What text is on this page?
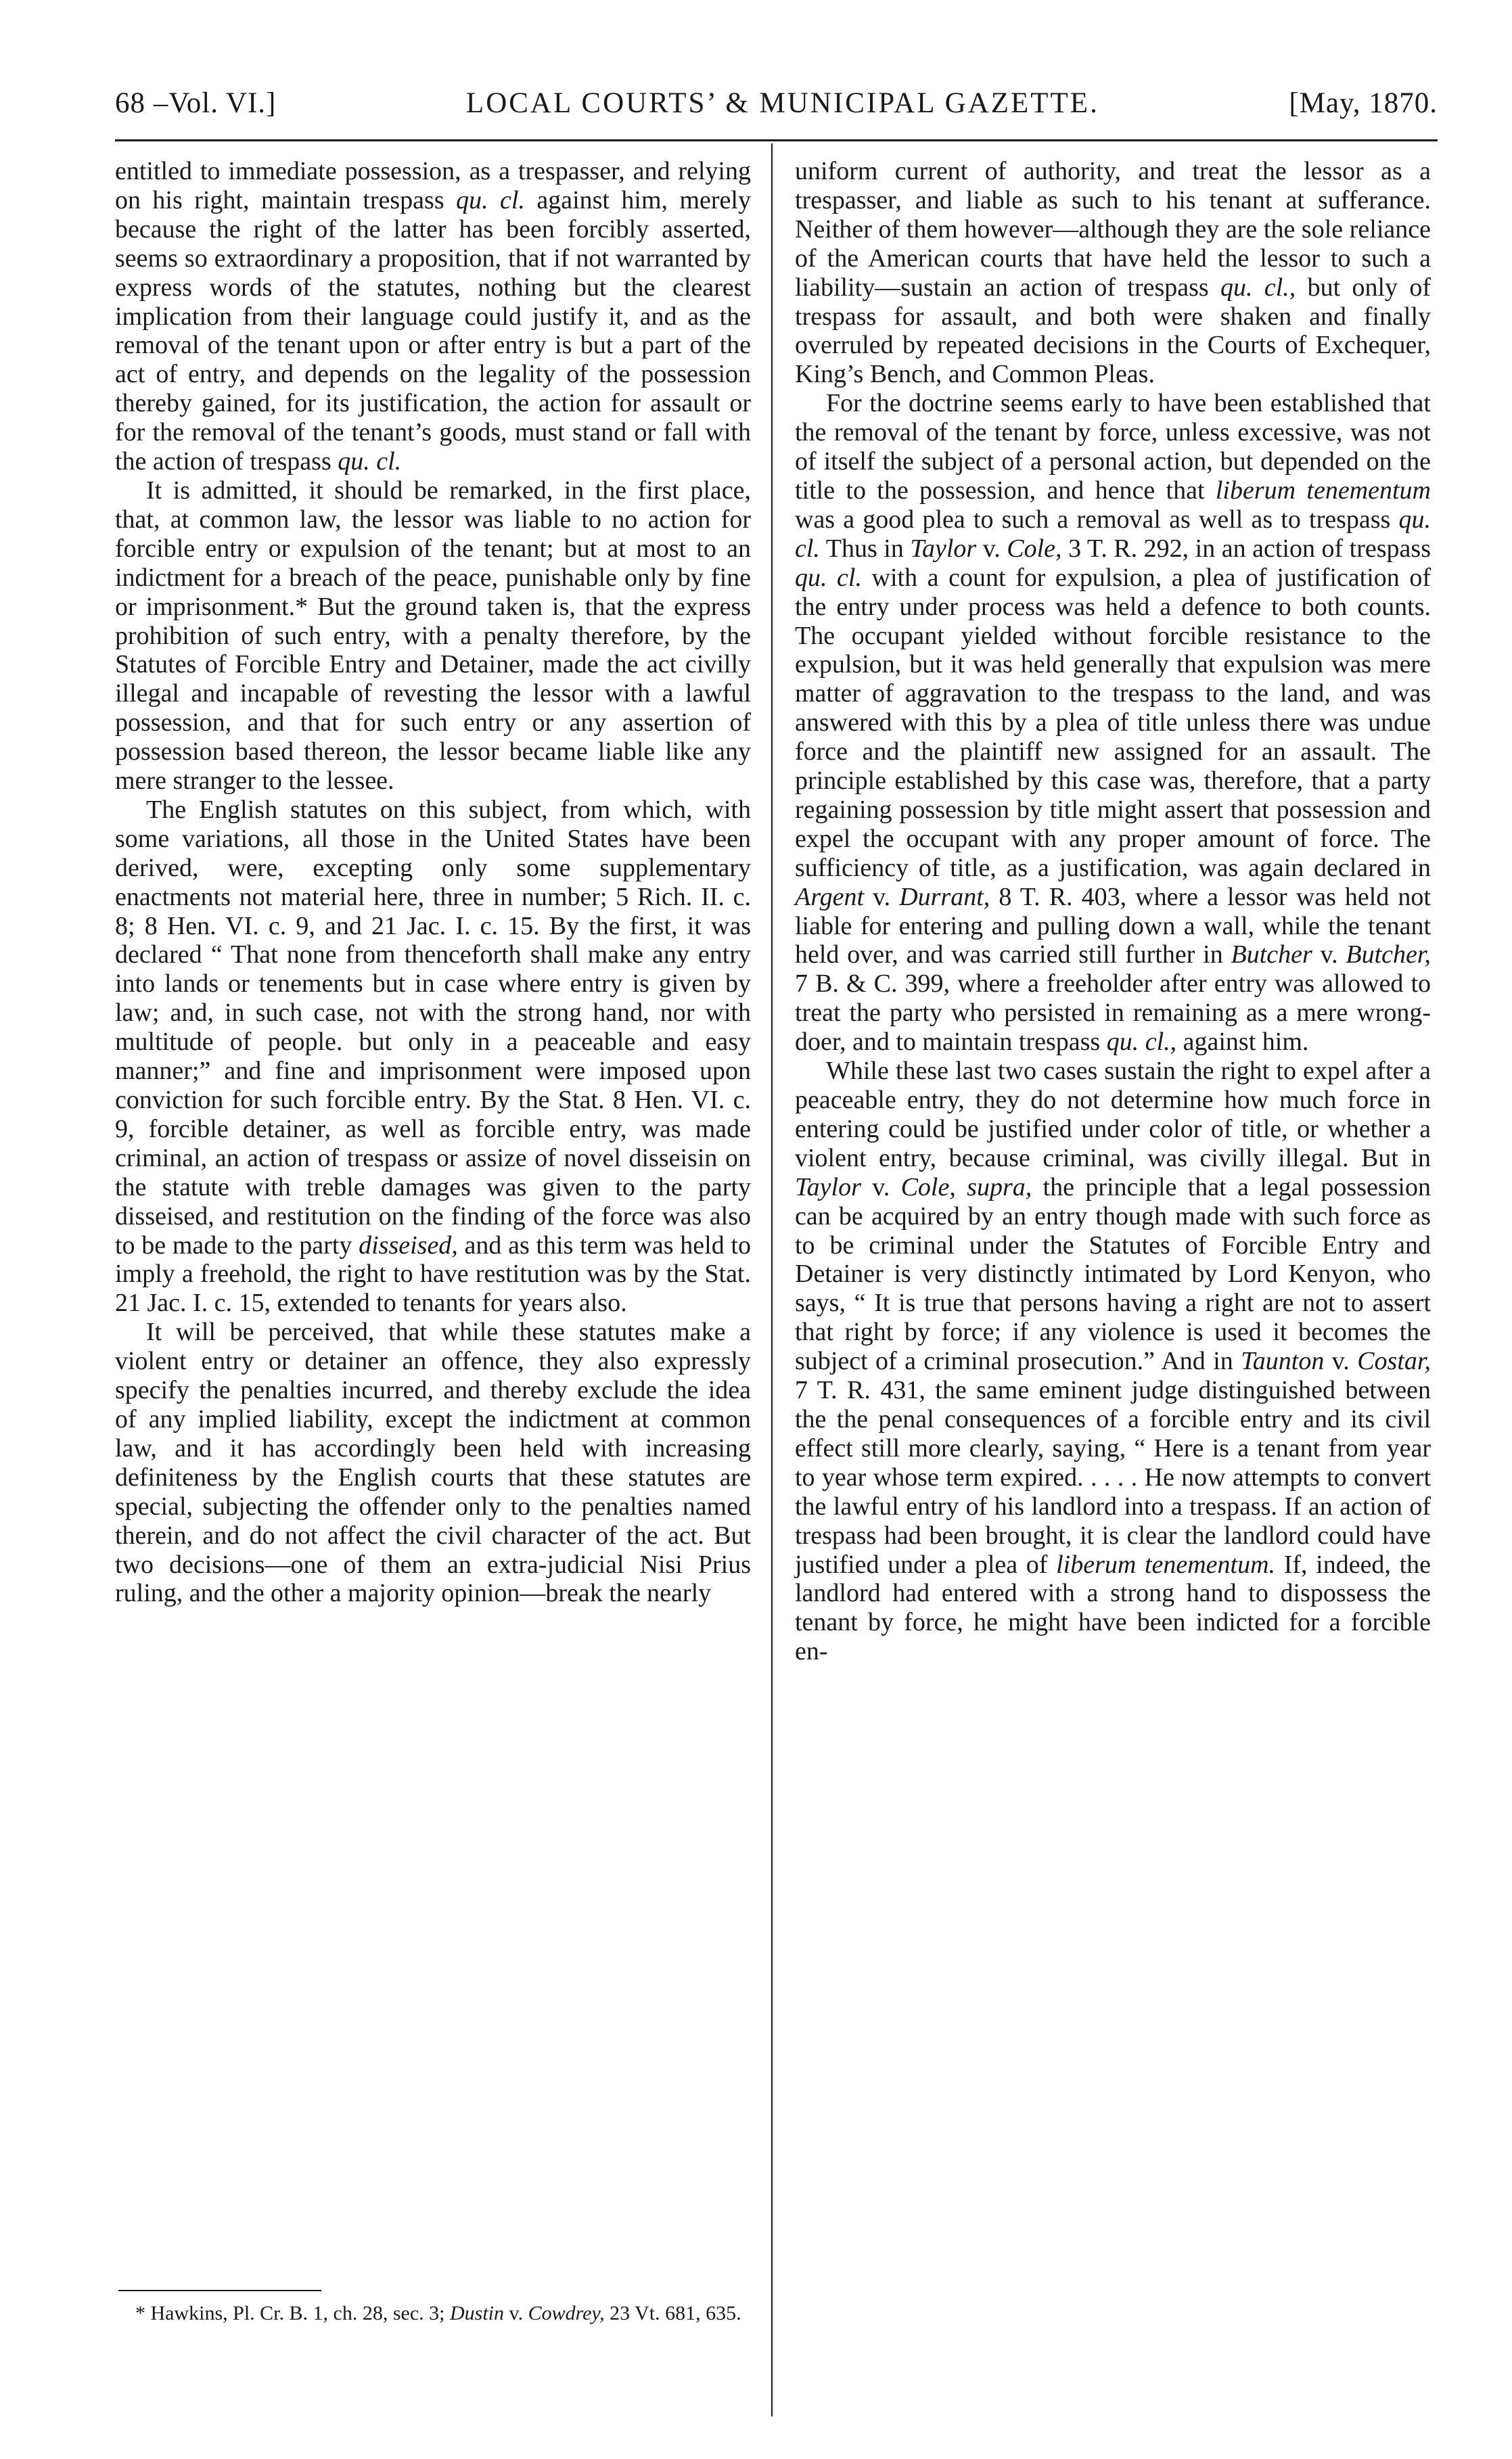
68 –Vol. VI.]	LOCAL COURTS’ & MUNICIPAL GAZETTE.	[May, 1870.

entitled to immediate possession, as a trespasser, and relying on his right, maintain trespass qu. cl. against him, merely because the right of the latter has been forcibly asserted, seems so extraordinary a proposition, that if not warranted by express words of the statutes, nothing but the clearest implication from their language could justify it, and as the removal of the tenant upon or after entry is but a part of the act of entry, and depends on the legality of the possession thereby gained, for its justification, the action for assault or for the removal of the tenant’s goods, must stand or fall with the action of trespass qu. cl.

It is admitted, it should be remarked, in the first place, that, at common law, the lessor was liable to no action for forcible entry or expulsion of the tenant; but at most to an indictment for a breach of the peace, punishable only by fine or imprisonment.* But the ground taken is, that the express prohibition of such entry, with a penalty therefore, by the Statutes of Forcible Entry and Detainer, made the act civilly illegal and incapable of revesting the lessor with a lawful possession, and that for such entry or any assertion of possession based thereon, the lessor became liable like any mere stranger to the lessee.

The English statutes on this subject, from which, with some variations, all those in the United States have been derived, were, excepting only some supplementary enactments not material here, three in number; 5 Rich. II. c. 8; 8 Hen. VI. c. 9, and 21 Jac. I. c. 15. By the first, it was declared “ That none from thenceforth shall make any entry into lands or tenements but in case where entry is given by law; and, in such case, not with the strong hand, nor with multitude of people. but only in a peaceable and easy manner;” and fine and imprisonment were imposed upon conviction for such forcible entry. By the Stat. 8 Hen. VI. c. 9, forcible detainer, as well as forcible entry, was made criminal, an action of trespass or assize of novel disseisin on the statute with treble damages was given to the party disseised, and restitution on the finding of the force was also to be made to the party disseised, and as this term was held to imply a freehold, the right to have restitution was by the Stat. 21 Jac. I. c. 15, extended to tenants for years also.

It will be perceived, that while these statutes make a violent entry or detainer an offence, they also expressly specify the penalties incurred, and thereby exclude the idea of any implied liability, except the indictment at common law, and it has accordingly been held with increasing definiteness by the English courts that these statutes are special, subjecting the offender only to the penalties named therein, and do not affect the civil character of the act. But two decisions—one of them an extra-judicial Nisi Prius ruling, and the other a majority opinion—break the nearly

uniform current of authority, and treat the lessor as a trespasser, and liable as such to his tenant at sufferance. Neither of them however—although they are the sole reliance of the American courts that have held the lessor to such a liability—sustain an action of trespass qu. cl., but only of trespass for assault, and both were shaken and finally overruled by repeated decisions in the Courts of Exchequer, King’s Bench, and Common Pleas.

For the doctrine seems early to have been established that the removal of the tenant by force, unless excessive, was not of itself the subject of a personal action, but depended on the title to the possession, and hence that liberum tenementum was a good plea to such a removal as well as to trespass qu. cl. Thus in Taylor v. Cole, 3 T. R. 292, in an action of trespass qu. cl. with a count for expulsion, a plea of justification of the entry under process was held a defence to both counts. The occupant yielded without forcible resistance to the expulsion, but it was held generally that expulsion was mere matter of aggravation to the trespass to the land, and was answered with this by a plea of title unless there was undue force and the plaintiff new assigned for an assault. The principle established by this case was, therefore, that a party regaining possession by title might assert that possession and expel the occupant with any proper amount of force. The sufficiency of title, as a justification, was again declared in Argent v. Durrant, 8 T. R. 403, where a lessor was held not liable for entering and pulling down a wall, while the tenant held over, and was carried still further in Butcher v. Butcher, 7 B. & C. 399, where a freeholder after entry was allowed to treat the party who persisted in remaining as a mere wrong-doer, and to maintain trespass qu. cl., against him.

While these last two cases sustain the right to expel after a peaceable entry, they do not determine how much force in entering could be justified under color of title, or whether a violent entry, because criminal, was civilly illegal. But in Taylor v. Cole, supra, the principle that a legal possession can be acquired by an entry though made with such force as to be criminal under the Statutes of Forcible Entry and Detainer is very distinctly intimated by Lord Kenyon, who says, “ It is true that persons having a right are not to assert that right by force; if any violence is used it becomes the subject of a criminal prosecution.” And in Taunton v. Costar, 7 T. R. 431, the same eminent judge distinguished between the the penal consequences of a forcible entry and its civil effect still more clearly, saying, “ Here is a tenant from year to year whose term expired. . . . . He now attempts to convert the lawful entry of his landlord into a trespass. If an action of trespass had been brought, it is clear the landlord could have justified under a plea of liberum tenementum. If, indeed, the landlord had entered with a strong hand to dispossess the tenant by force, he might have been indicted for a forcible en-

* Hawkins, Pl. Cr. B. 1, ch. 28, sec. 3; Dustin v. Cowdrey, 23 Vt. 681, 635.
